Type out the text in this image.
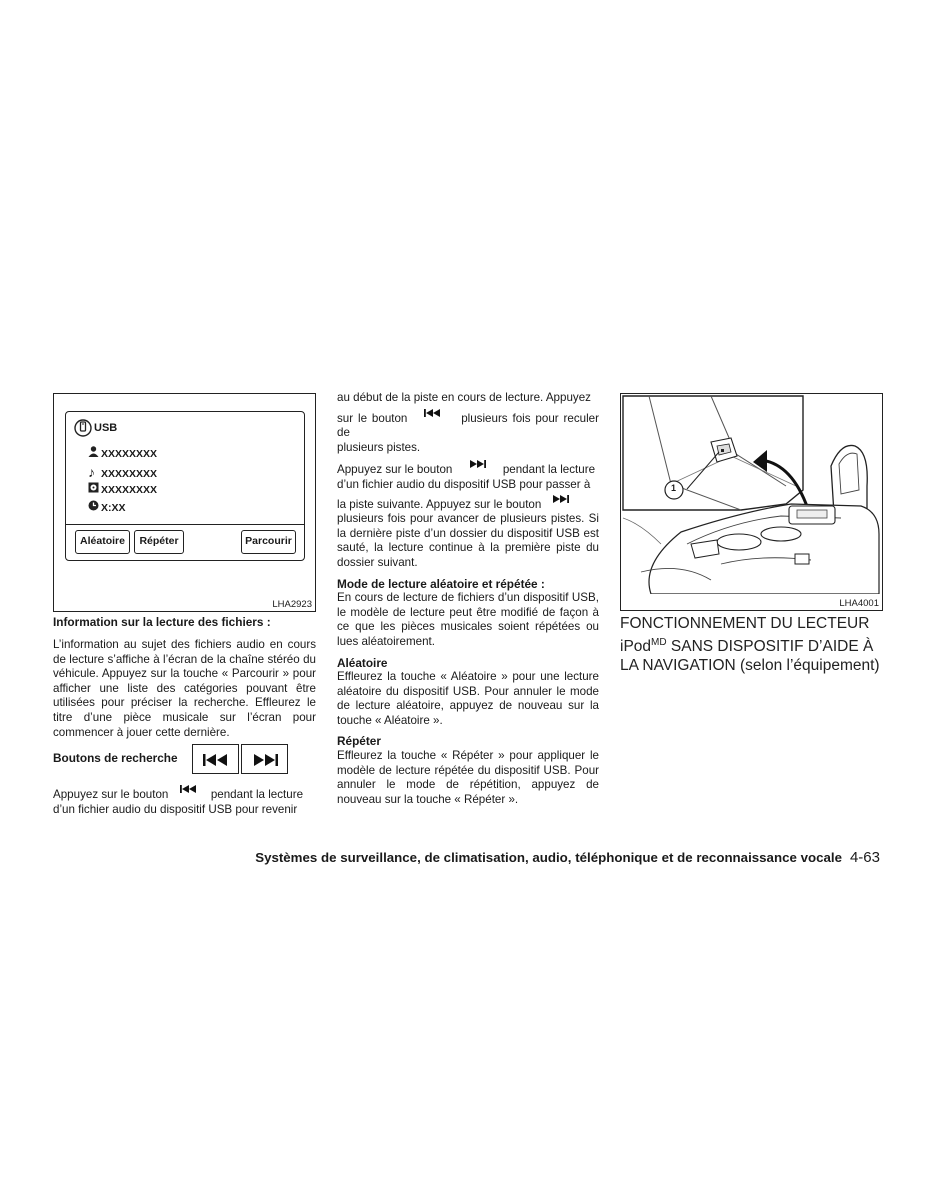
USB
XXXXXXXX
♪ XXXXXXXX
XXXXXXXX
X:XX
Aléatoire	Répéter	Parcourir
LHA2923

Information sur la lecture des fichiers :

L’information au sujet des fichiers audio en cours de lecture s’affiche à l’écran de la chaîne stéréo du véhicule. Appuyez sur la touche « Parcourir » pour afficher une liste des catégories pouvant être utilisées pour préciser la recherche. Effleurez le titre d’une pièce musicale sur l’écran pour commencer à jouer cette dernière.

Boutons de recherche

Appuyez sur le bouton	pendant la lecture
d’un fichier audio du dispositif USB pour revenir

au début de la piste en cours de lecture. Appuyez

sur le bouton	plusieurs fois pour reculer de

plusieurs pistes.

Appuyez sur le bouton	pendant la lecture

d’un fichier audio du dispositif USB pour passer à

la piste suivante. Appuyez sur le bouton

plusieurs fois pour avancer de plusieurs pistes. Si la dernière piste d’un dossier du dispositif USB est sauté, la lecture continue à la première piste du dossier suivant.

Mode de lecture aléatoire et répétée :

En cours de lecture de fichiers d’un dispositif USB, le modèle de lecture peut être modifié de façon à ce que les pièces musicales soient répétées ou lues aléatoirement.

Aléatoire

Effleurez la touche « Aléatoire » pour une lecture aléatoire du dispositif USB. Pour annuler le mode de lecture aléatoire, appuyez de nouveau sur la touche « Aléatoire ».

Répéter

Effleurez la touche « Répéter » pour appliquer le modèle de lecture répétée du dispositif USB. Pour annuler le mode de répétition, appuyez de nouveau sur la touche « Répéter ».

1
LHA4001

FONCTIONNEMENT DU LECTEUR

iPod$^{MD}$ SANS DISPOSITIF D’AIDE À

LA NAVIGATION (selon l’équipement)

Systèmes de surveillance, de climatisation, audio, téléphonique et de reconnaissance vocale 4-63
